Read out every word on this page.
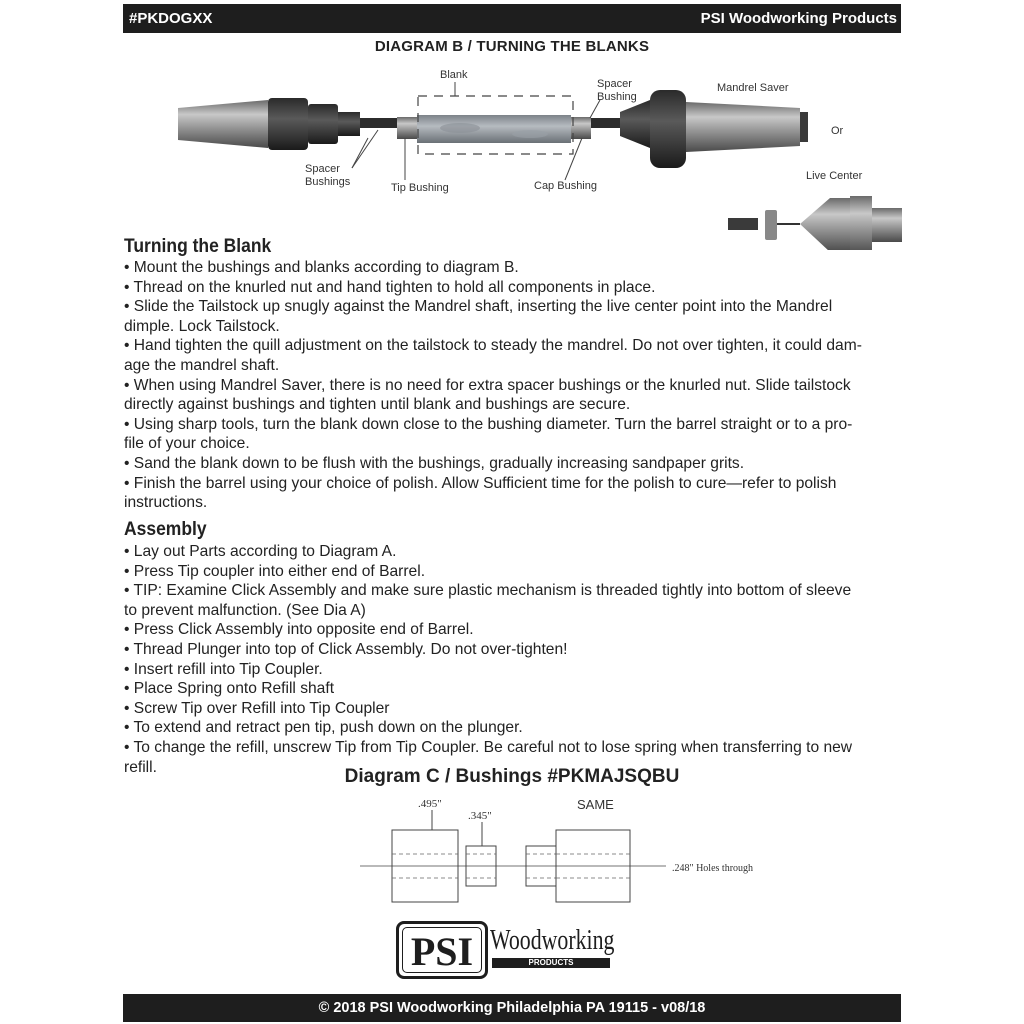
#PKDOGXX	PSI Woodworking Products
DIAGRAM B / TURNING THE BLANKS
Blank
Spacer
Bushing
Mandrel Saver
Or
Live Center
Spacer
Bushings	Tip Bushing	Cap Bushing
Turning the Blank

• Mount the bushings and blanks according to diagram B.

• Thread on the knurled nut and hand tighten to hold all components in place.

• Slide the Tailstock up snugly against the Mandrel shaft, inserting the live center point into the Mandrel

dimple. Lock Tailstock.

• Hand tighten the quill adjustment on the tailstock to steady the mandrel. Do not over tighten, it could dam-

age the mandrel shaft.

• When using Mandrel Saver, there is no need for extra spacer bushings or the knurled nut. Slide tailstock

directly against bushings and tighten until blank and bushings are secure.

• Using sharp tools, turn the blank down close to the bushing diameter. Turn the barrel straight or to a pro-

file of your choice.

• Sand the blank down to be flush with the bushings, gradually increasing sandpaper grits.

• Finish the barrel using your choice of polish. Allow Sufficient time for the polish to cure—refer to polish

instructions.

Assembly

• Lay out Parts according to Diagram A.

• Press Tip coupler into either end of Barrel.

• TIP: Examine Click Assembly and make sure plastic mechanism is threaded tightly into bottom of sleeve

to prevent malfunction. (See Dia A)

• Press Click Assembly into opposite end of Barrel.

• Thread Plunger into top of Click Assembly. Do not over-tighten!

• Insert refill into Tip Coupler.

• Place Spring onto Refill shaft

• Screw Tip over Refill into Tip Coupler

• To extend and retract pen tip, push down on the plunger.

• To change the refill, unscrew Tip from Tip Coupler. Be careful not to lose spring when transferring to new

refill.	Diagram C / Bushings #PKMAJSQBU
.495"
.345"
SAME
.248" Holes through
PSI Woodworking
PRODUCTS
© 2018 PSI Woodworking Philadelphia PA 19115 - v08/18
